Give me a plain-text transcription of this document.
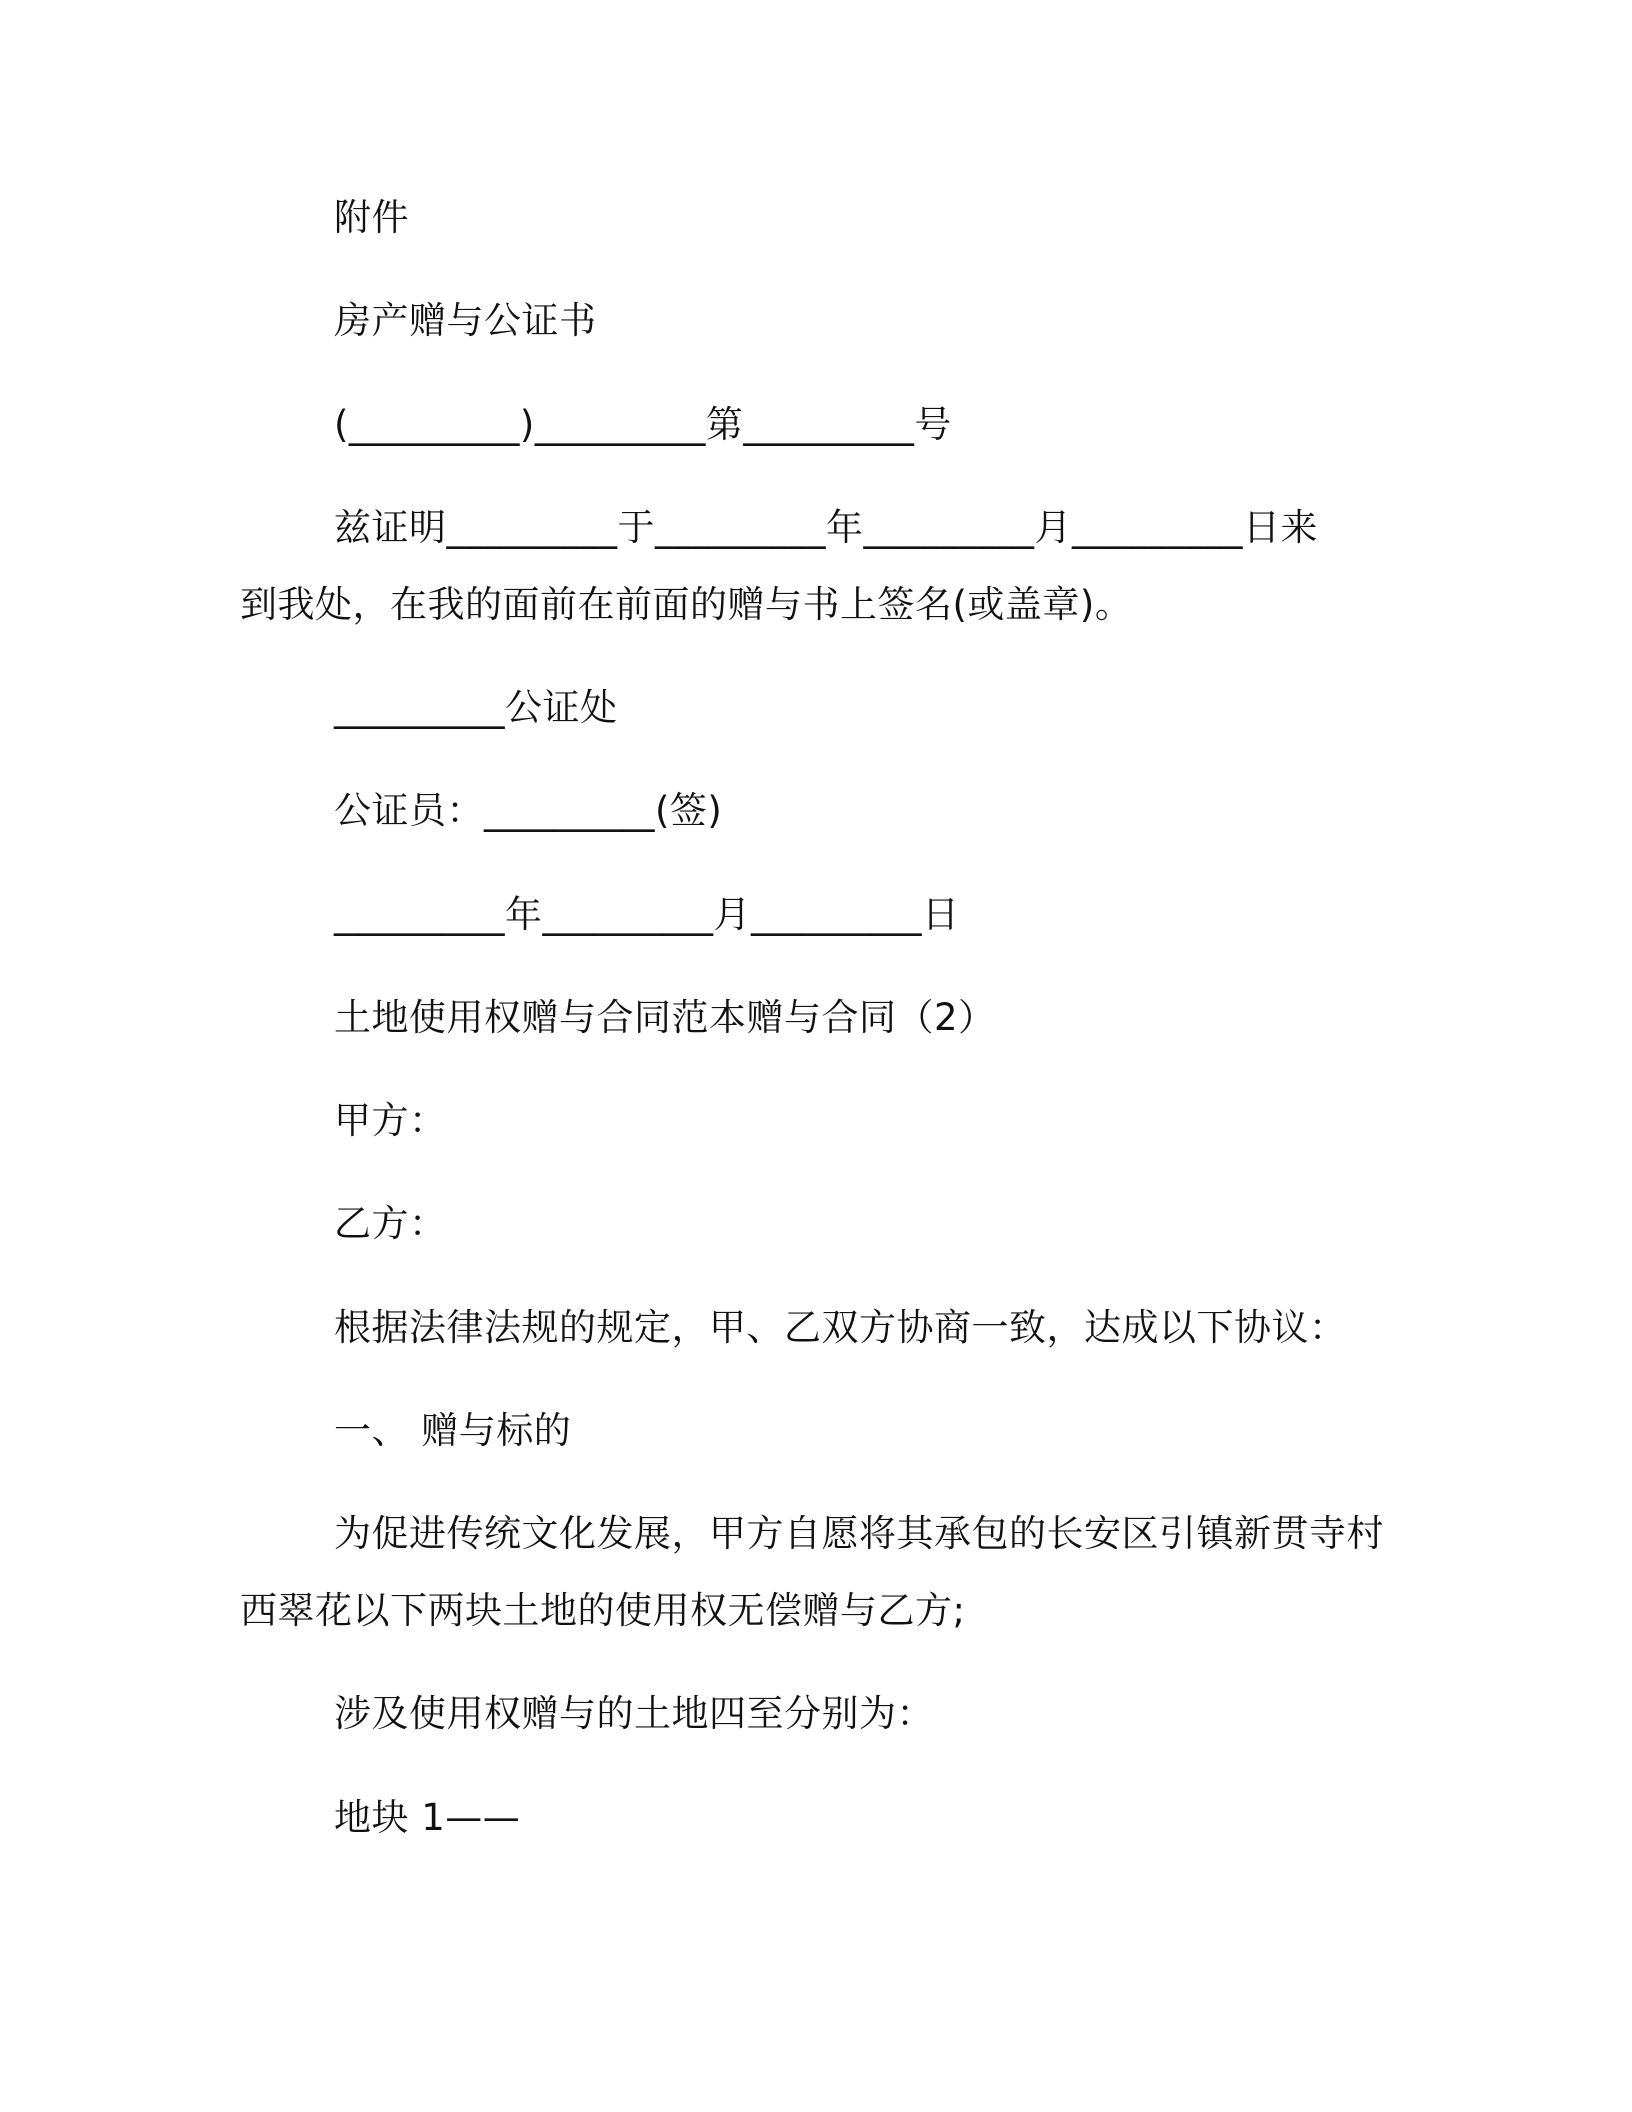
附件
房产赠与公证书
(_________)_________第_________号
兹证明_________于_________年_________月_________日来
到我处，在我的面前在前面的赠与书上签名(或盖章)。
_________公证处
公证员：_________(签)
_________年_________月_________日
土地使用权赠与合同范本赠与合同（2）
甲方：
乙方：
根据法律法规的规定，甲、乙双方协商一致，达成以下协议：
一、 赠与标的
为促进传统文化发展，甲方自愿将其承包的长安区引镇新贯寺村
西翠花以下两块土地的使用权无偿赠与乙方;
涉及使用权赠与的土地四至分别为：
地块 1——
